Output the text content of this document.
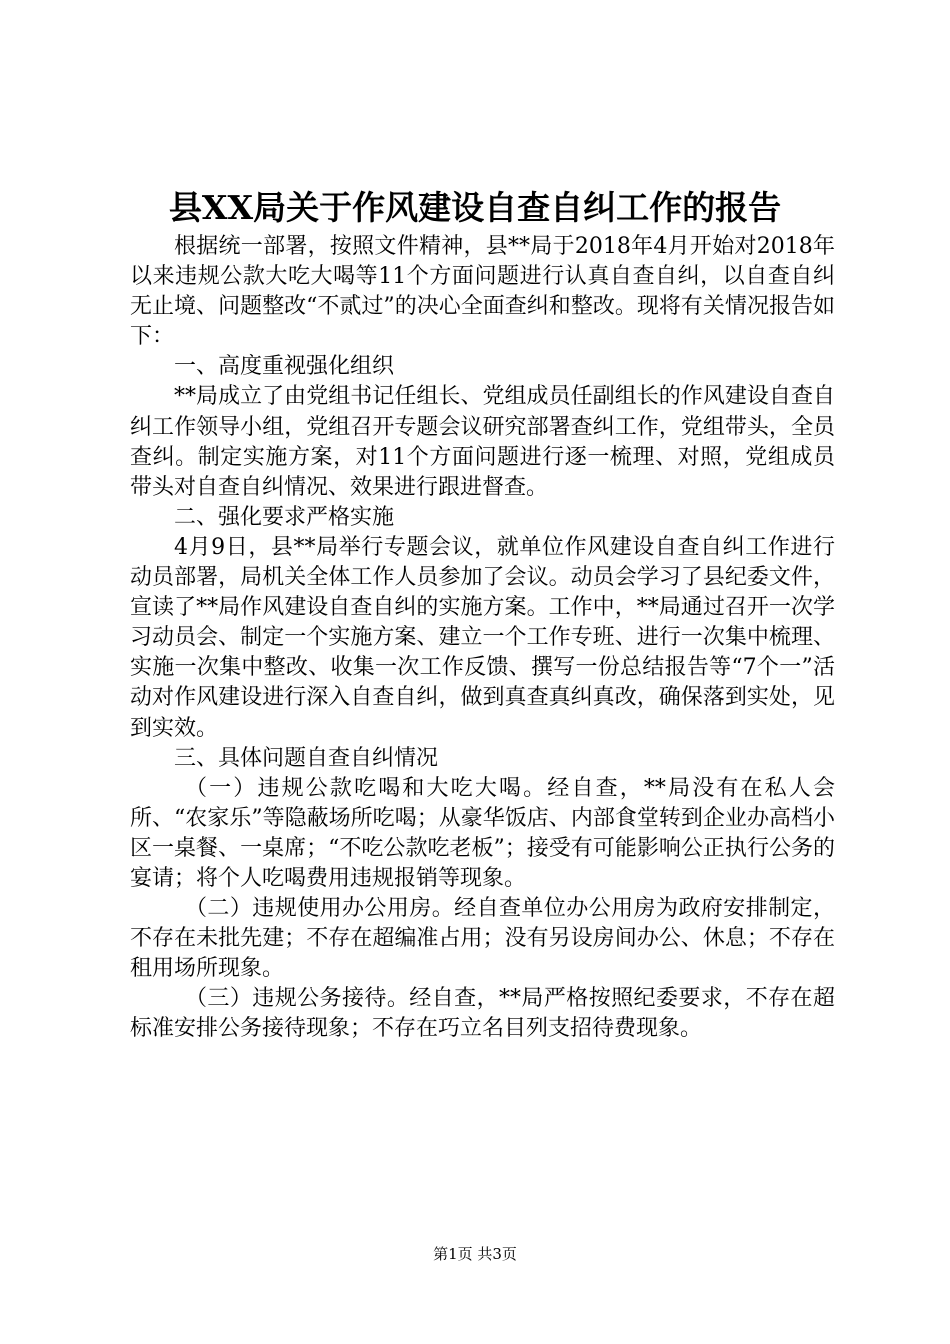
县XX局关于作风建设自查自纠工作的报告

根据统一部署，按照文件精神，县**局于2018年4月开始对2018年以来违规公款大吃大喝等11个方面问题进行认真自查自纠，以自查自纠无止境、问题整改“不贰过”的决心全面查纠和整改。现将有关情况报告如下：

一、高度重视强化组织

**局成立了由党组书记任组长、党组成员任副组长的作风建设自查自纠工作领导小组，党组召开专题会议研究部署查纠工作，党组带头，全员查纠。制定实施方案，对11个方面问题进行逐一梳理、对照，党组成员带头对自查自纠情况、效果进行跟进督查。

二、强化要求严格实施

4月9日，县**局举行专题会议，就单位作风建设自查自纠工作进行动员部署，局机关全体工作人员参加了会议。动员会学习了县纪委文件，宣读了**局作风建设自查自纠的实施方案。工作中，**局通过召开一次学习动员会、制定一个实施方案、建立一个工作专班、进行一次集中梳理、实施一次集中整改、收集一次工作反馈、撰写一份总结报告等“7个一”活动对作风建设进行深入自查自纠，做到真查真纠真改，确保落到实处，见到实效。

三、具体问题自查自纠情况

（一）违规公款吃喝和大吃大喝。经自查，**局没有在私人会所、“农家乐”等隐蔽场所吃喝；从豪华饭店、内部食堂转到企业办高档小区一桌餐、一桌席；“不吃公款吃老板”；接受有可能影响公正执行公务的宴请；将个人吃喝费用违规报销等现象。

（二）违规使用办公用房。经自查单位办公用房为政府安排制定，不存在未批先建；不存在超编准占用；没有另设房间办公、休息；不存在租用场所现象。

（三）违规公务接待。经自查，**局严格按照纪委要求，不存在超标准安排公务接待现象；不存在巧立名目列支招待费现象。

第1页 共3页
